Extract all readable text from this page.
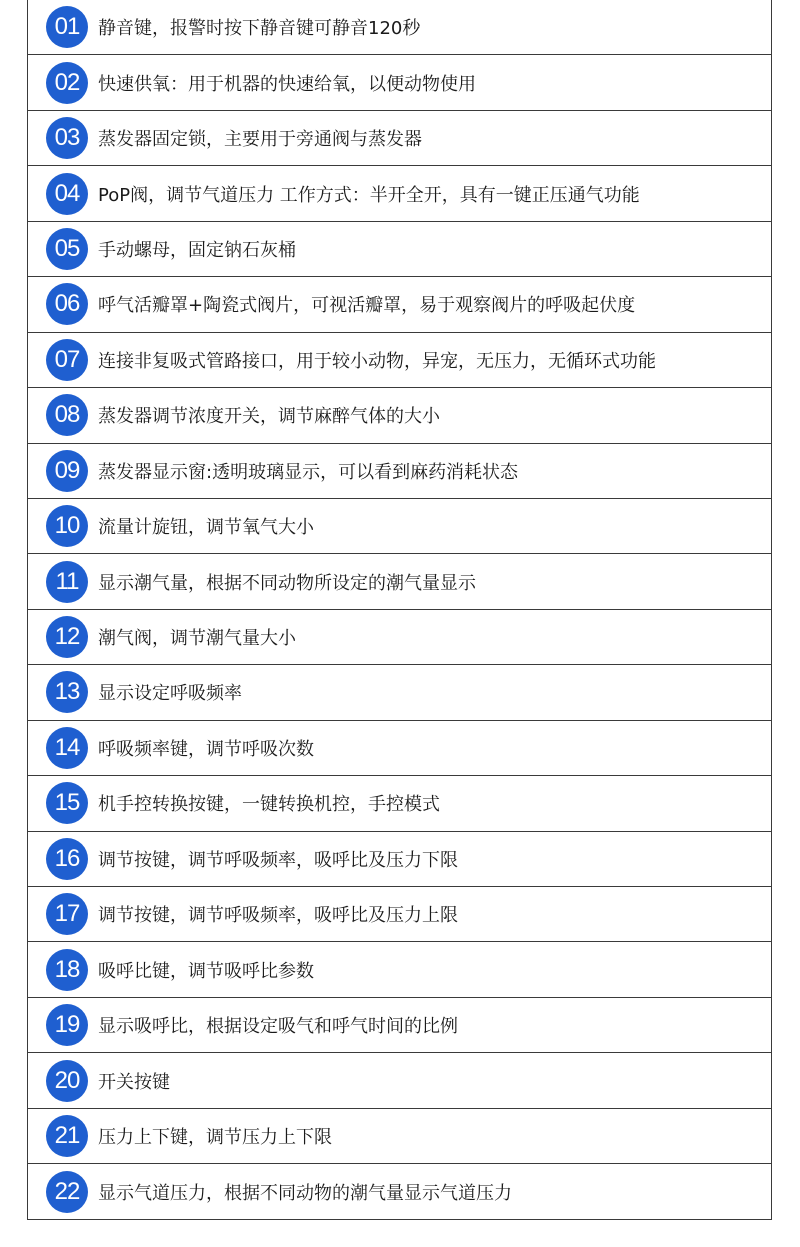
01	静音键，报警时按下静音键可静音120秒
02	快速供氧：用于机器的快速给氧，以便动物使用
03	蒸发器固定锁，主要用于旁通阀与蒸发器
04	PoP阀，调节气道压力 工作方式：半开全开，具有一键正压通气功能
05	手动螺母，固定钠石灰桶
06	呼气活瓣罩+陶瓷式阀片，可视活瓣罩，易于观察阀片的呼吸起伏度
07	连接非复吸式管路接口，用于较小动物，异宠，无压力，无循环式功能
08	蒸发器调节浓度开关，调节麻醉气体的大小
09	蒸发器显示窗:透明玻璃显示，可以看到麻药消耗状态
10	流量计旋钮，调节氧气大小
11	显示潮气量，根据不同动物所设定的潮气量显示
12	潮气阀，调节潮气量大小
13	显示设定呼吸频率
14	呼吸频率键，调节呼吸次数
15	机手控转换按键，一键转换机控，手控模式
16	调节按键，调节呼吸频率，吸呼比及压力下限
17	调节按键，调节呼吸频率，吸呼比及压力上限
18	吸呼比键，调节吸呼比参数
19	显示吸呼比，根据设定吸气和呼气时间的比例
20	开关按键
21	压力上下键，调节压力上下限
22	显示气道压力，根据不同动物的潮气量显示气道压力
